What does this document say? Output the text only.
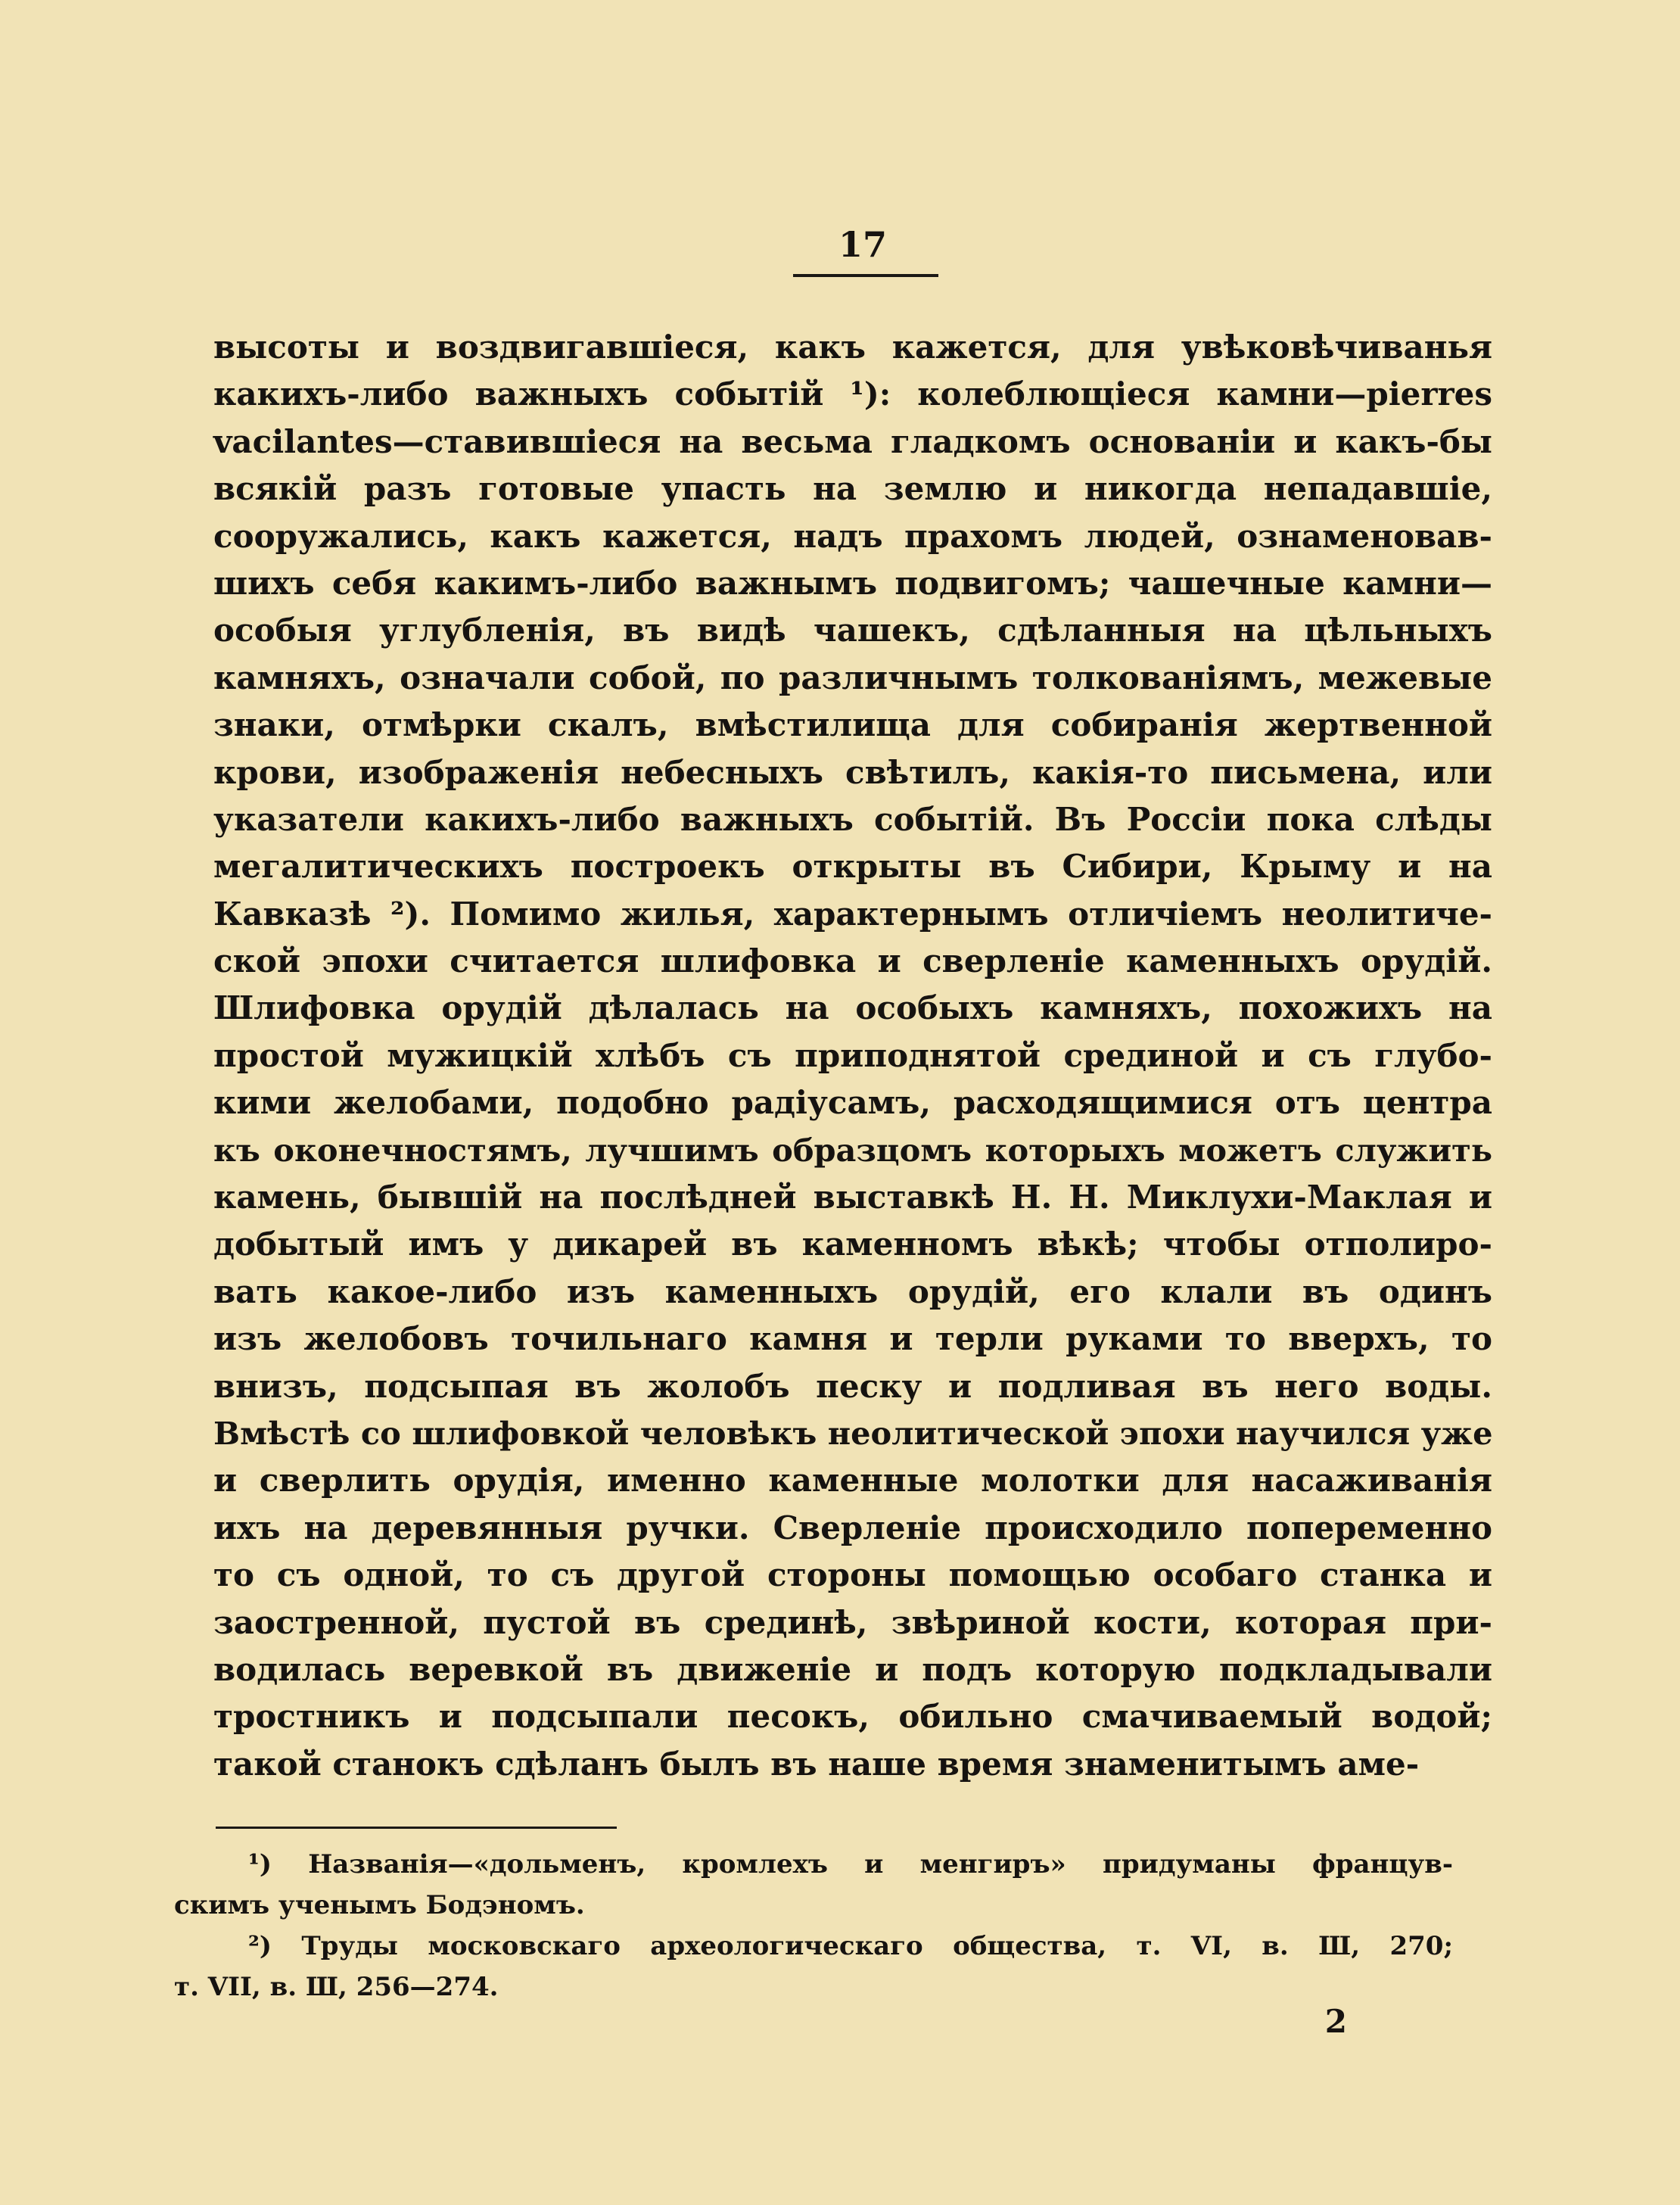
17
высоты и воздвигавшiеся, какъ кажется, для увѣковѣчиванья
какихъ-либо важныхъ событiй ¹): колеблющiеся камни—pierres
vacilantes—ставившiеся на весьма гладкомъ основанiи и какъ-бы
всякiй разъ готовые упасть на землю и никогда непадавшiе,
сооружались, какъ кажется, надъ прахомъ людей, ознаменовав-
шихъ себя какимъ-либо важнымъ подвигомъ; чашечные камни—
особыя углубленiя, въ видѣ чашекъ, сдѣланныя на цѣльныхъ
камняхъ, означали собой, по различнымъ толкованiямъ, межевые
знаки, отмѣрки скалъ, вмѣстилища для собиранiя жертвенной
крови, изображенiя небесныхъ свѣтилъ, какiя-то письмена, или
указатели какихъ-либо важныхъ событiй. Въ Россiи пока слѣды
мегалитическихъ построекъ открыты въ Сибири, Крыму и на
Кавказѣ ²). Помимо жилья, характернымъ отличiемъ неолитиче-
ской эпохи считается шлифовка и сверленiе каменныхъ орудiй.
Шлифовка орудiй дѣлалась на особыхъ камняхъ, похожихъ на
простой мужицкiй хлѣбъ съ приподнятой срединой и съ глубо-
кими желобами, подобно радiусамъ, расходящимися отъ центра
къ оконечностямъ, лучшимъ образцомъ которыхъ можетъ служить
камень, бывшiй на послѣдней выставкѣ Н. Н. Миклухи-Маклая и
добытый имъ у дикарей въ каменномъ вѣкѣ; чтобы отполиро-
вать какое-либо изъ каменныхъ орудiй, его клали въ одинъ
изъ желобовъ точильнаго камня и терли руками то вверхъ, то
внизъ, подсыпая въ жолобъ песку и подливая въ него воды.
Вмѣстѣ со шлифовкой человѣкъ неолитической эпохи научился уже
и сверлить орудiя, именно каменные молотки для насаживанiя
ихъ на деревянныя ручки. Сверленiе происходило попеременно
то съ одной, то съ другой стороны помощью особаго станка и
заостренной, пустой въ срединѣ, звѣриной кости, которая при-
водилась веревкой въ движенiе и подъ которую подкладывали
тростникъ и подсыпали песокъ, обильно смачиваемый водой;
такой станокъ сдѣланъ былъ въ наше время знаменитымъ аме-
¹) Названiя—«дольменъ, кромлехъ и менгиръ» придуманы францув-
скимъ ученымъ Бодэномъ.
²) Труды московскаго археологическаго общества, т. VI, в. Ш, 270;
т. VII, в. Ш, 256—274.
2
